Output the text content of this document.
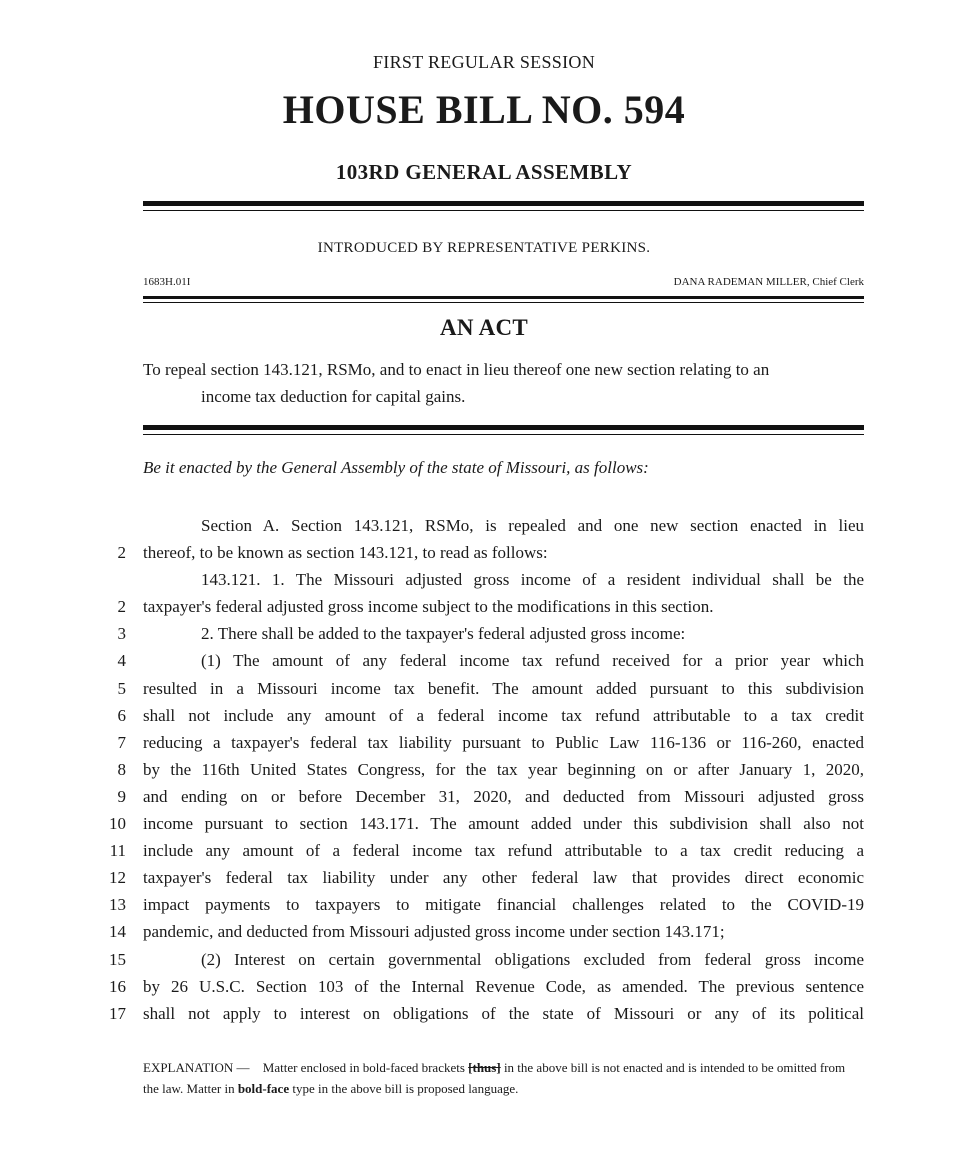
FIRST REGULAR SESSION
HOUSE BILL NO. 594
103RD GENERAL ASSEMBLY
INTRODUCED BY REPRESENTATIVE PERKINS.
1683H.01I	DANA RADEMAN MILLER, Chief Clerk
AN ACT
To repeal section 143.121, RSMo, and to enact in lieu thereof one new section relating to an
income tax deduction for capital gains.
Be it enacted by the General Assembly of the state of Missouri, as follows:
Section A. Section 143.121, RSMo, is repealed and one new section enacted in lieu
2 thereof, to be known as section 143.121, to read as follows:
143.121. 1. The Missouri adjusted gross income of a resident individual shall be the
2 taxpayer's federal adjusted gross income subject to the modifications in this section.
3	2. There shall be added to the taxpayer's federal adjusted gross income:
4	(1) The amount of any federal income tax refund received for a prior year which
5 resulted in a Missouri income tax benefit. The amount added pursuant to this subdivision
6 shall not include any amount of a federal income tax refund attributable to a tax credit
7 reducing a taxpayer's federal tax liability pursuant to Public Law 116-136 or 116-260, enacted
8 by the 116th United States Congress, for the tax year beginning on or after January 1, 2020,
9 and ending on or before December 31, 2020, and deducted from Missouri adjusted gross
10 income pursuant to section 143.171. The amount added under this subdivision shall also not
11 include any amount of a federal income tax refund attributable to a tax credit reducing a
12 taxpayer's federal tax liability under any other federal law that provides direct economic
13 impact payments to taxpayers to mitigate financial challenges related to the COVID-19
14 pandemic, and deducted from Missouri adjusted gross income under section 143.171;
15	(2) Interest on certain governmental obligations excluded from federal gross income
16 by 26 U.S.C. Section 103 of the Internal Revenue Code, as amended. The previous sentence
17 shall not apply to interest on obligations of the state of Missouri or any of its political
EXPLANATION — Matter enclosed in bold-faced brackets [thus] in the above bill is not enacted and is intended to be omitted from the law. Matter in bold-face type in the above bill is proposed language.
